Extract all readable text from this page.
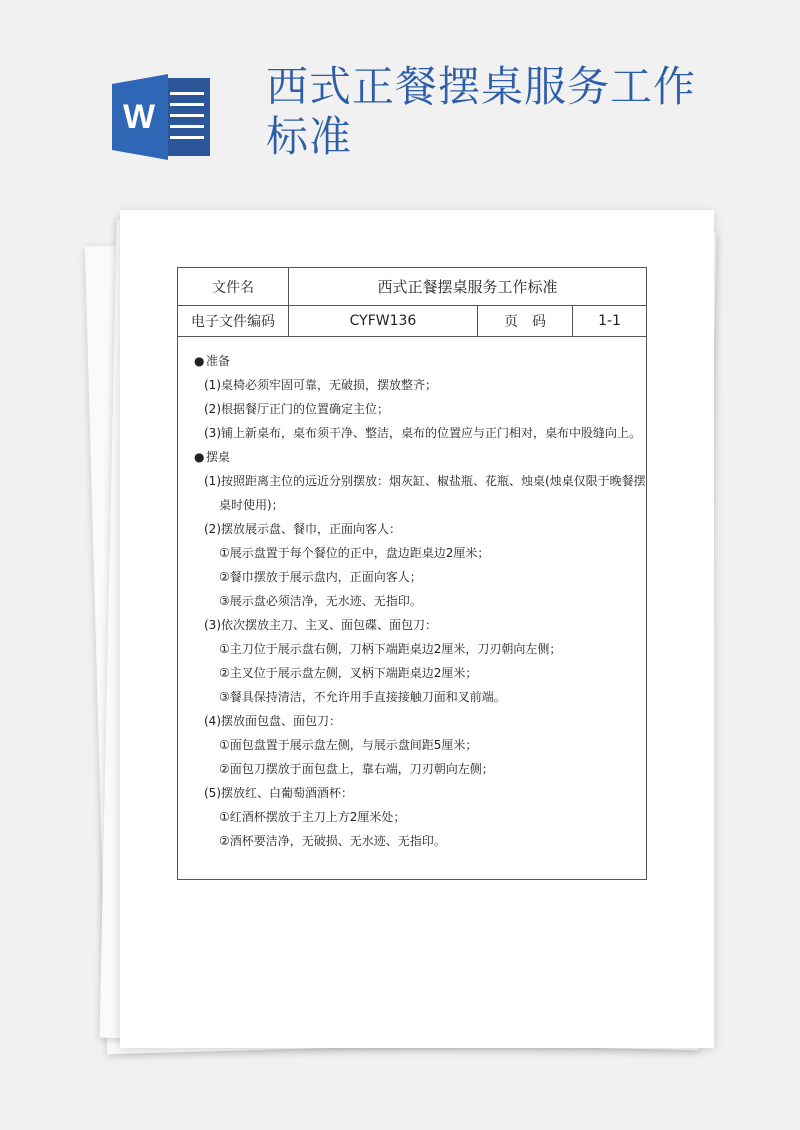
W
西式正餐摆桌服务工作标准
文件名	西式正餐摆桌服务工作标准		
电子文件编码	CYFW136	页　码	1-1
● 准备
(1)桌椅必须牢固可靠，无破损，摆放整齐；
(2)根据餐厅正门的位置确定主位；
(3)铺上新桌布，桌布须干净、整洁，桌布的位置应与正门相对，桌布中股缝向上。
● 摆桌
(1)按照距离主位的远近分别摆放：烟灰缸、椒盐瓶、花瓶、烛桌(烛桌仅限于晚餐摆
桌时使用)；
(2)摆放展示盘、餐巾，正面向客人：
①展示盘置于每个餐位的正中，盘边距桌边2厘米；
②餐巾摆放于展示盘内，正面向客人；
③展示盘必须洁净，无水迹、无指印。
(3)依次摆放主刀、主叉、面包碟、面包刀：
①主刀位于展示盘右侧，刀柄下端距桌边2厘米，刀刃朝向左侧；
②主叉位于展示盘左侧，叉柄下端距桌边2厘米；
③餐具保持清洁，不允许用手直接接触刀面和叉前端。
(4)摆放面包盘、面包刀：
①面包盘置于展示盘左侧，与展示盘间距5厘米；
②面包刀摆放于面包盘上，靠右端，刀刃朝向左侧；
(5)摆放红、白葡萄酒酒杯：
①红酒杯摆放于主刀上方2厘米处；
②酒杯要洁净，无破损、无水迹、无指印。
